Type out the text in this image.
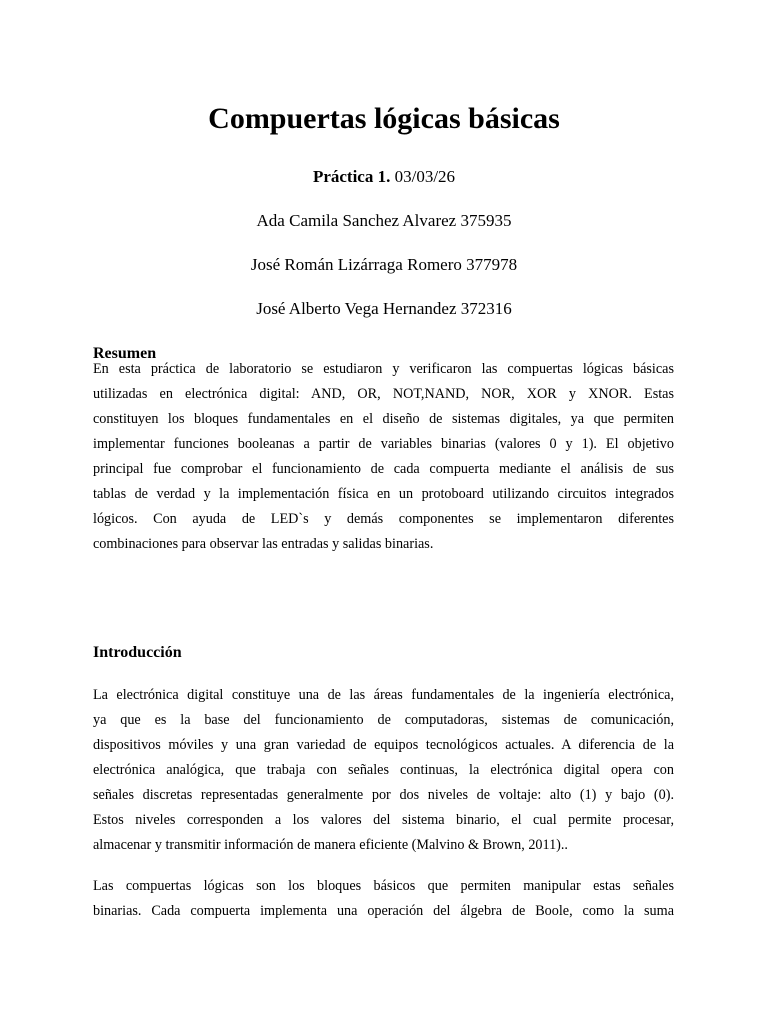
Compuertas lógicas básicas
Práctica 1. 03/03/26
Ada Camila Sanchez Alvarez 375935
José Román Lizárraga Romero 377978
José Alberto Vega Hernandez 372316
Resumen
En esta práctica de laboratorio se estudiaron y verificaron las compuertas lógicas básicas
utilizadas en electrónica digital: AND, OR, NOT,NAND, NOR, XOR y XNOR. Estas
constituyen los bloques fundamentales en el diseño de sistemas digitales, ya que permiten
implementar funciones booleanas a partir de variables binarias (valores 0 y 1). El objetivo
principal fue comprobar el funcionamiento de cada compuerta mediante el análisis de sus
tablas de verdad y la implementación física en un protoboard utilizando circuitos integrados
lógicos. Con ayuda de LED`s y demás componentes se implementaron diferentes
combinaciones para observar las entradas y salidas binarias.
Introducción
La electrónica digital constituye una de las áreas fundamentales de la ingeniería electrónica,
ya que es la base del funcionamiento de computadoras, sistemas de comunicación,
dispositivos móviles y una gran variedad de equipos tecnológicos actuales. A diferencia de la
electrónica analógica, que trabaja con señales continuas, la electrónica digital opera con
señales discretas representadas generalmente por dos niveles de voltaje: alto (1) y bajo (0).
Estos niveles corresponden a los valores del sistema binario, el cual permite procesar,
almacenar y transmitir información de manera eficiente (Malvino & Brown, 2011)..
Las compuertas lógicas son los bloques básicos que permiten manipular estas señales
binarias. Cada compuerta implementa una operación del álgebra de Boole, como la suma
